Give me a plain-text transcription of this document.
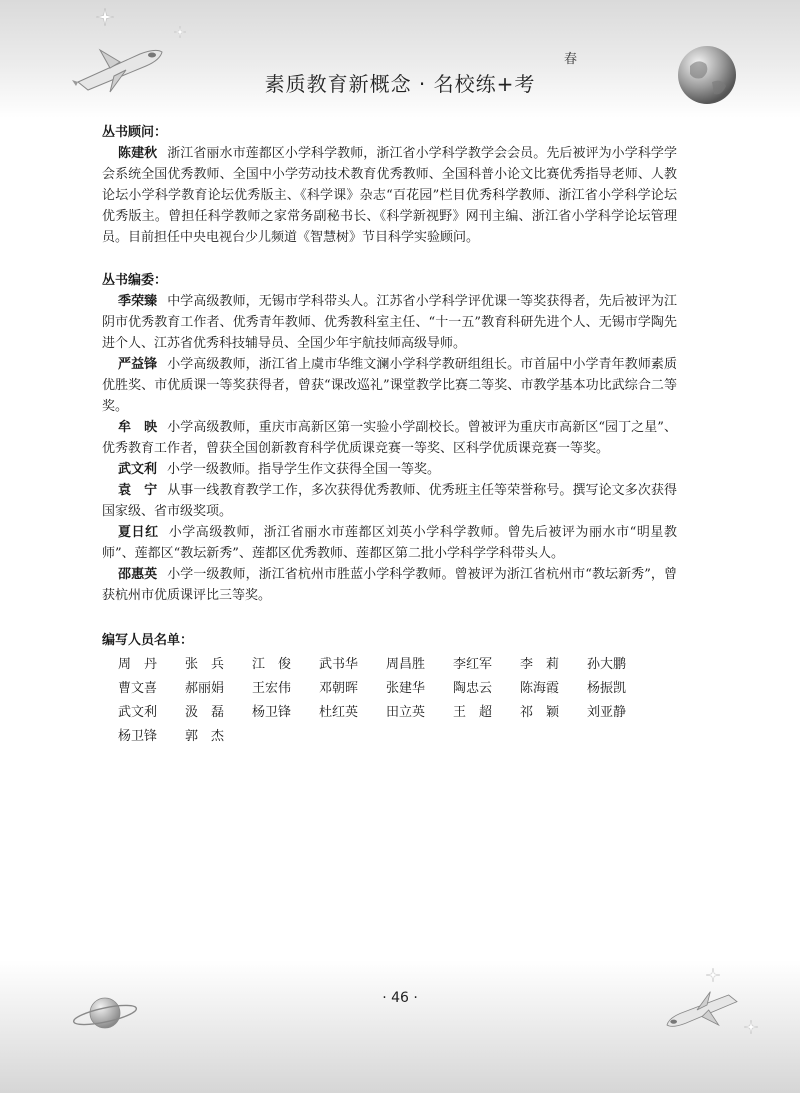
素质教育新概念 · 名校练+考
春

丛书顾问：

陈建秋 浙江省丽水市莲都区小学科学教师，浙江省小学科学教学会会员。先后被评为小学科学学会系统全国优秀教师、全国中小学劳动技术教育优秀教师、全国科普小论文比赛优秀指导老师、人教论坛小学科学教育论坛优秀版主、《科学课》杂志“百花园”栏目优秀科学教师、浙江省小学科学论坛优秀版主。曾担任科学教师之家常务副秘书长、《科学新视野》网刊主编、浙江省小学科学论坛管理员。目前担任中央电视台少儿频道《智慧树》节目科学实验顾问。

丛书编委：

季荣臻 中学高级教师，无锡市学科带头人。江苏省小学科学评优课一等奖获得者，先后被评为江阴市优秀教育工作者、优秀青年教师、优秀教科室主任、“十一五”教育科研先进个人、无锡市学陶先进个人、江苏省优秀科技辅导员、全国少年宇航技师高级导师。

严益锋 小学高级教师，浙江省上虞市华维文澜小学科学教研组组长。市首届中小学青年教师素质优胜奖、市优质课一等奖获得者，曾获“课改巡礼”课堂教学比赛二等奖、市教学基本功比武综合二等奖。

牟　映 小学高级教师，重庆市高新区第一实验小学副校长。曾被评为重庆市高新区“园丁之星”、优秀教育工作者，曾获全国创新教育科学优质课竞赛一等奖、区科学优质课竞赛一等奖。

武文利 小学一级教师。指导学生作文获得全国一等奖。

袁　宁 从事一线教育教学工作，多次获得优秀教师、优秀班主任等荣誉称号。撰写论文多次获得国家级、省市级奖项。

夏日红 小学高级教师，浙江省丽水市莲都区刘英小学科学教师。曾先后被评为丽水市“明星教师”、莲都区“教坛新秀”、莲都区优秀教师、莲都区第二批小学科学学科带头人。

邵惠英 小学一级教师，浙江省杭州市胜蓝小学科学教师。曾被评为浙江省杭州市“教坛新秀”，曾获杭州市优质课评比三等奖。

编写人员名单：

周　丹	张　兵	江　俊	武书华	周昌胜	李红军	李　莉	孙大鹏
曹文喜	郝丽娟	王宏伟	邓朝晖	张建华	陶忠云	陈海霞	杨振凯
武文利	汲　磊	杨卫锋	杜红英	田立英	王　超	祁　颖	刘亚静
杨卫锋	郭　杰
· 46 ·
